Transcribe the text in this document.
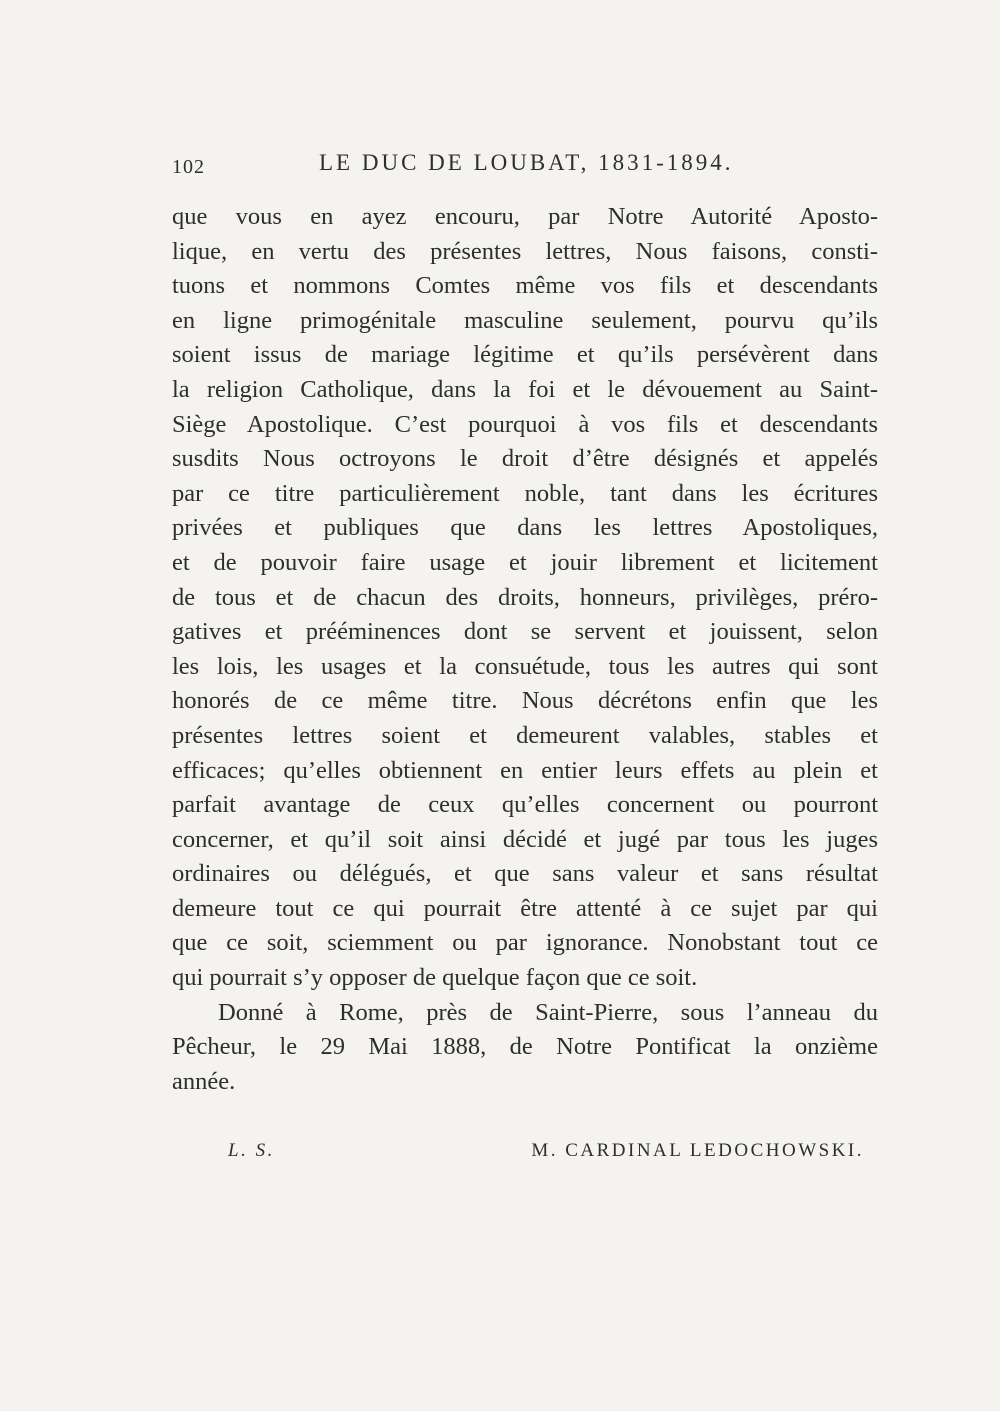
102	LE DUC DE LOUBAT, 1831-1894.
que vous en ayez encouru, par Notre Autorité Aposto-
lique, en vertu des présentes lettres, Nous faisons, consti-
tuons et nommons Comtes même vos fils et descendants
en ligne primogénitale masculine seulement, pourvu qu’ils
soient issus de mariage légitime et qu’ils persévèrent dans
la religion Catholique, dans la foi et le dévouement au Saint-
Siège Apostolique. C’est pourquoi à vos fils et descendants
susdits Nous octroyons le droit d’être désignés et appelés
par ce titre particulièrement noble, tant dans les écritures
privées et publiques que dans les lettres Apostoliques,
et de pouvoir faire usage et jouir librement et licitement
de tous et de chacun des droits, honneurs, privilèges, préro-
gatives et prééminences dont se servent et jouissent, selon
les lois, les usages et la consuétude, tous les autres qui sont
honorés de ce même titre. Nous décrétons enfin que les
présentes lettres soient et demeurent valables, stables et
efficaces; qu’elles obtiennent en entier leurs effets au plein et
parfait avantage de ceux qu’elles concernent ou pourront
concerner, et qu’il soit ainsi décidé et jugé par tous les juges
ordinaires ou délégués, et que sans valeur et sans résultat
demeure tout ce qui pourrait être attenté à ce sujet par qui
que ce soit, sciemment ou par ignorance. Nonobstant tout ce
qui pourrait s’y opposer de quelque façon que ce soit.
Donné à Rome, près de Saint-Pierre, sous l’anneau du
Pêcheur, le 29 Mai 1888, de Notre Pontificat la onzième
année.
L. S.	M. CARDINAL LEDOCHOWSKI.
